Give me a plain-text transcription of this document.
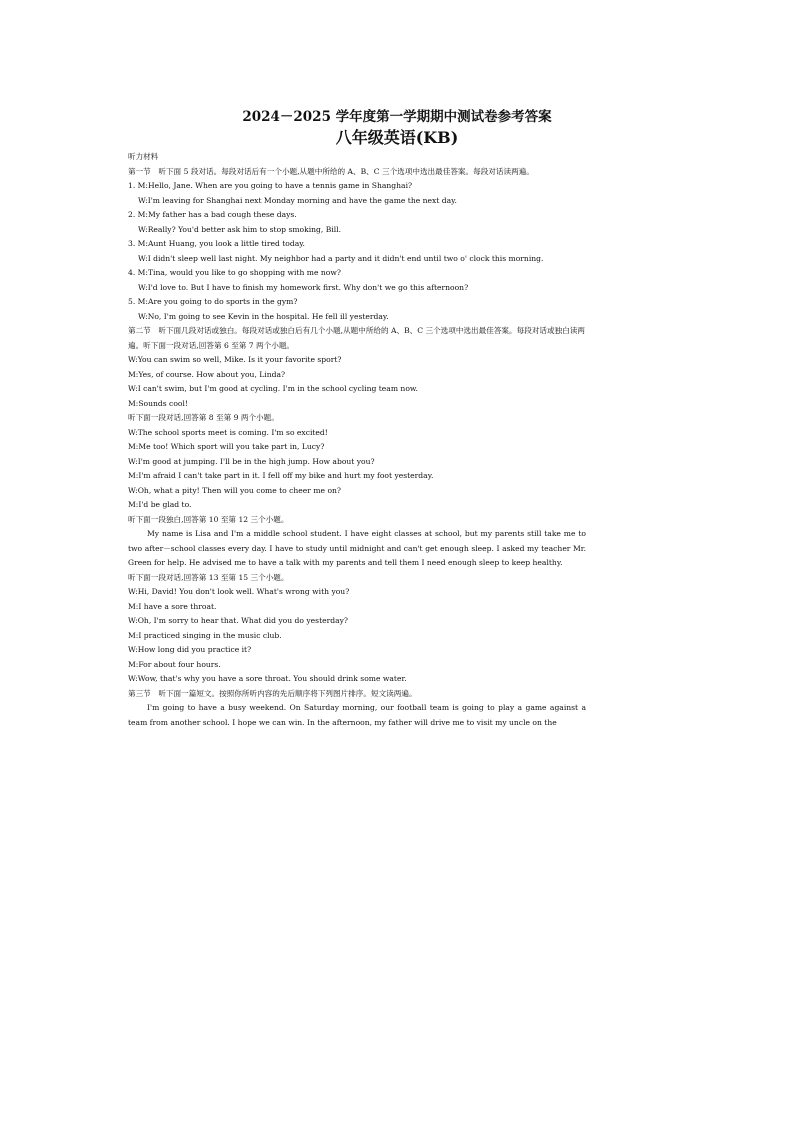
2024－2025 学年度第一学期期中测试卷参考答案
八年级英语(KB)
听力材料
第一节　听下面 5 段对话。每段对话后有一个小题,从题中所给的 A、B、C 三个选项中选出最佳答案。每段对话读两遍。
1. M:Hello, Jane. When are you going to have a tennis game in Shanghai?
W:I'm leaving for Shanghai next Monday morning and have the game the next day.
2. M:My father has a bad cough these days.
W:Really? You'd better ask him to stop smoking, Bill.
3. M:Aunt Huang, you look a little tired today.
W:I didn't sleep well last night. My neighbor had a party and it didn't end until two o' clock this morning.
4. M:Tina, would you like to go shopping with me now?
W:I'd love to. But I have to finish my homework first. Why don't we go this afternoon?
5. M:Are you going to do sports in the gym?
W:No, I'm going to see Kevin in the hospital. He fell ill yesterday.
第二节　听下面几段对话或独白。每段对话或独白后有几个小题,从题中所给的 A、B、C 三个选项中选出最佳答案。每段对话或独白读两遍。听下面一段对话,回答第 6 至第 7 两个小题。
W:You can swim so well, Mike. Is it your favorite sport?
M:Yes, of course. How about you, Linda?
W:I can't swim, but I'm good at cycling. I'm in the school cycling team now.
M:Sounds cool!
听下面一段对话,回答第 8 至第 9 两个小题。
W:The school sports meet is coming. I'm so excited!
M:Me too! Which sport will you take part in, Lucy?
W:I'm good at jumping. I'll be in the high jump. How about you?
M:I'm afraid I can't take part in it. I fell off my bike and hurt my foot yesterday.
W:Oh, what a pity! Then will you come to cheer me on?
M:I'd be glad to.
听下面一段独白,回答第 10 至第 12 三个小题。
My name is Lisa and I'm a middle school student. I have eight classes at school, but my parents still take me to two after－school classes every day. I have to study until midnight and can't get enough sleep. I asked my teacher Mr. Green for help. He advised me to have a talk with my parents and tell them I need enough sleep to keep healthy.
听下面一段对话,回答第 13 至第 15 三个小题。
W:Hi, David! You don't look well. What's wrong with you?
M:I have a sore throat.
W:Oh, I'm sorry to hear that. What did you do yesterday?
M:I practiced singing in the music club.
W:How long did you practice it?
M:For about four hours.
W:Wow, that's why you have a sore throat. You should drink some water.
第三节　听下面一篇短文。按照你所听内容的先后顺序将下列图片排序。短文读两遍。
I'm going to have a busy weekend. On Saturday morning, our football team is going to play a game against a team from another school. I hope we can win. In the afternoon, my father will drive me to visit my uncle on the
